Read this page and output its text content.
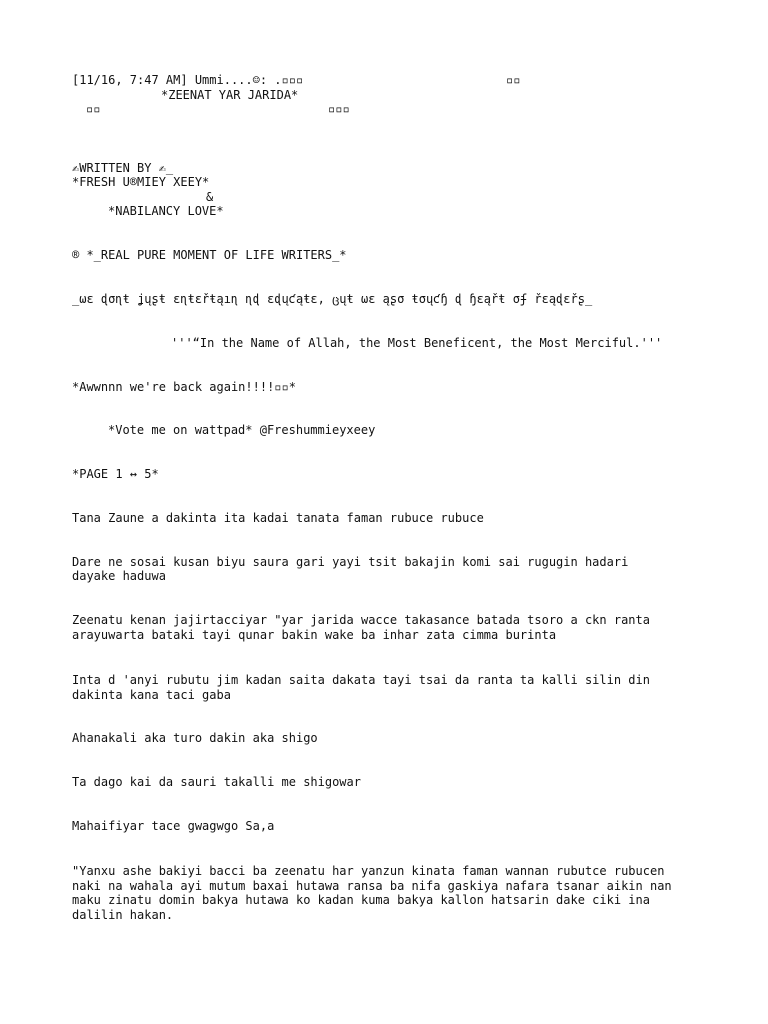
[11/16, 7:47 AM] Ummi....☺: .▫▫▫	▫▫
*ZEENAT YAR JARIDA*
▫▫	▫▫▫
✍WRITTEN BY ✍_
*FRESH U®MIEY XEEY*
&
*NABILANCY LOVE*
® *_REAL PURE MOMENT OF LIFE WRITERS_*
_ωε ɖσɳŧ ʝųʂŧ εɳŧεřŧąıɳ ɳɖ εɖųƈąŧε, ცųŧ ωε ąʂσ ŧσųƈɧ ɖ ɧεąřŧ σʄ řεąɖεřʂ_
'''“In the Name of Allah, the Most Beneficent, the Most Merciful.'''
*Awwnnn we're back again!!!!▫▫*
*Vote me on wattpad* @Freshummieyxeey
*PAGE 1 ↔ 5*
Tana Zaune a dakinta ita kadai tanata faman rubuce rubuce
Dare ne sosai kusan biyu saura gari yayi tsit bakajin komi sai rugugin hadari
dayake haduwa
Zeenatu kenan jajirtacciyar "yar jarida wacce takasance batada tsoro a ckn ranta
arayuwarta bataki tayi qunar bakin wake ba inhar zata cimma burinta
Inta d 'anyi rubutu jim kadan saita dakata tayi tsai da ranta ta kalli silin din
dakinta kana taci gaba
Ahanakali aka turo dakin aka shigo
Ta dago kai da sauri takalli me shigowar
Mahaifiyar tace gwagwgo Sa,a
"Yanxu ashe bakiyi bacci ba zeenatu har yanzun kinata faman wannan rubutce rubucen
naki na wahala ayi mutum baxai hutawa ransa ba nifa gaskiya nafara tsanar aikin nan
maku zinatu domin bakya hutawa ko kadan kuma bakya kallon hatsarin dake ciki ina
dalilin hakan.
